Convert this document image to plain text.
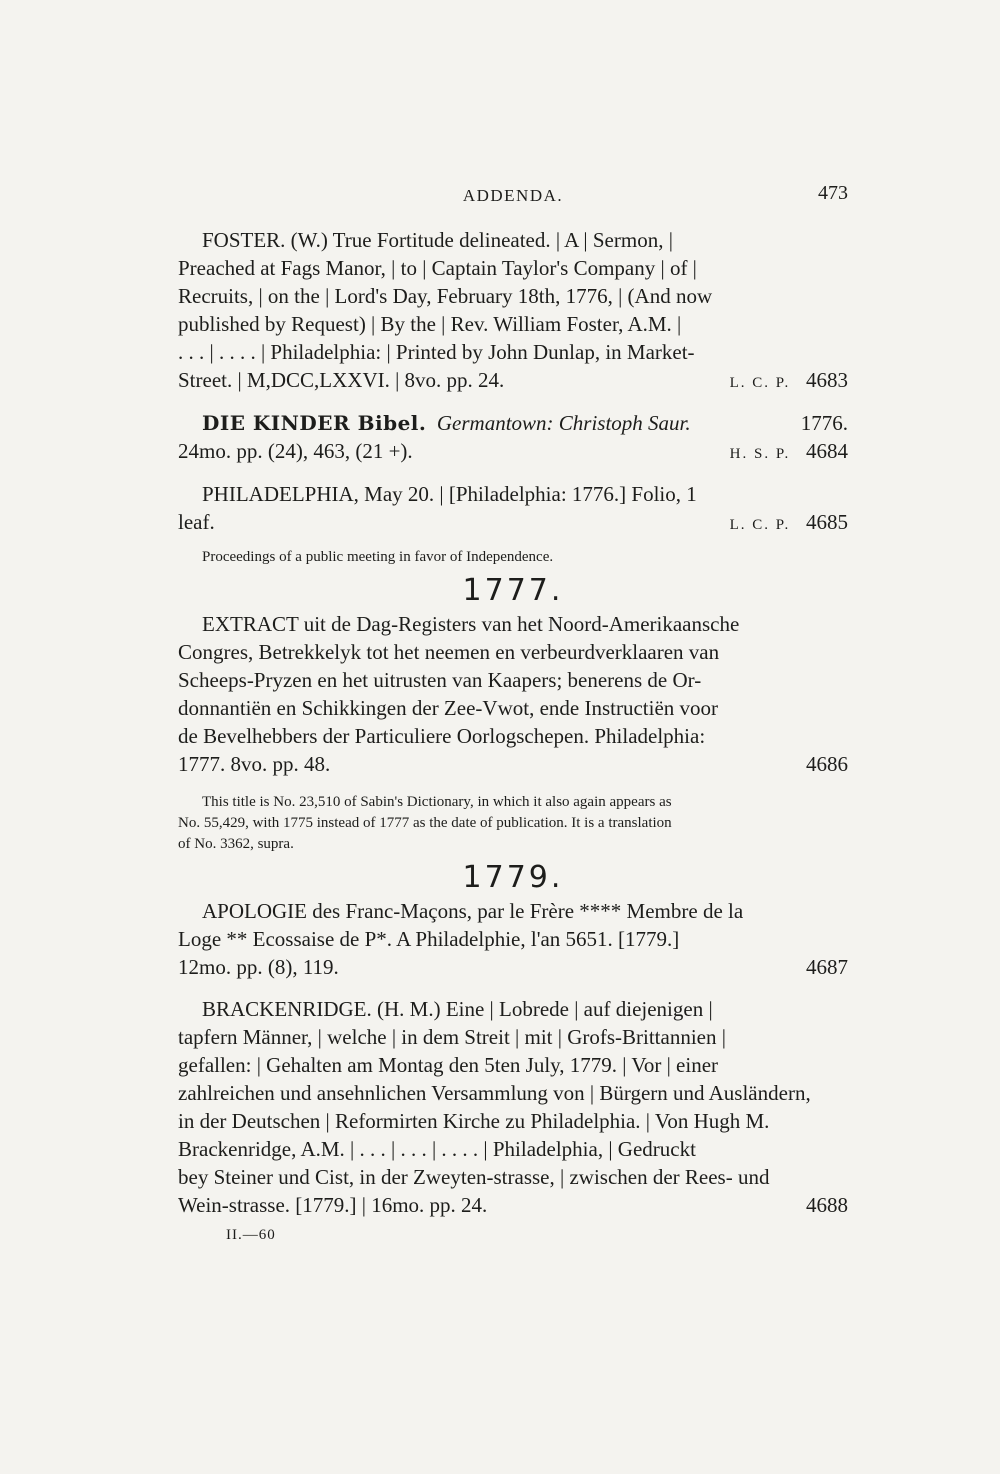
ADDENDA.	473
FOSTER. (W.) True Fortitude delineated. | A | Sermon, |
Preached at Fags Manor, | to | Captain Taylor's Company | of |
Recruits, | on the | Lord's Day, February 18th, 1776, | (And now
published by Request) | By the | Rev. William Foster, A.M. |
. . . | . . . . | Philadelphia: | Printed by John Dunlap, in Market-
Street. | M,DCC,LXXVI. | 8vo. pp. 24.	L. C. P. 4683
DIE KINDER Bibel. Germantown: Christoph Saur.	1776.
24mo. pp. (24), 463, (21 +).	H. S. P. 4684
PHILADELPHIA, May 20. | [Philadelphia: 1776.] Folio, 1
leaf.	L. C. P. 4685
Proceedings of a public meeting in favor of Independence.
1777.
EXTRACT uit de Dag-Registers van het Noord-Amerikaansche
Congres, Betrekkelyk tot het neemen en verbeurdverklaaren van
Scheeps-Pryzen en het uitrusten van Kaapers; benerens de Or-
donnantiën en Schikkingen der Zee-Vwot, ende Instructiën voor
de Bevelhebbers der Particuliere Oorlogschepen. Philadelphia:
1777. 8vo. pp. 48.	4686
This title is No. 23,510 of Sabin's Dictionary, in which it also again appears as
No. 55,429, with 1775 instead of 1777 as the date of publication. It is a translation
of No. 3362, supra.
1779.
APOLOGIE des Franc-Maçons, par le Frère **** Membre de la
Loge ** Ecossaise de P*. A Philadelphie, l'an 5651. [1779.]
12mo. pp. (8), 119.	4687
BRACKENRIDGE. (H. M.) Eine | Lobrede | auf diejenigen |
tapfern Männer, | welche | in dem Streit | mit | Grofs-Brittannien |
gefallen: | Gehalten am Montag den 5ten July, 1779. | Vor | einer
zahlreichen und ansehnlichen Versammlung von | Bürgern und Ausländern,
in der Deutschen | Reformirten Kirche zu Philadelphia. | Von Hugh M.
Brackenridge, A.M. | . . . | . . . | . . . . | Philadelphia, | Gedruckt
bey Steiner und Cist, in der Zweyten-strasse, | zwischen der Rees- und
Wein-strasse. [1779.] | 16mo. pp. 24.	4688
II.—60
